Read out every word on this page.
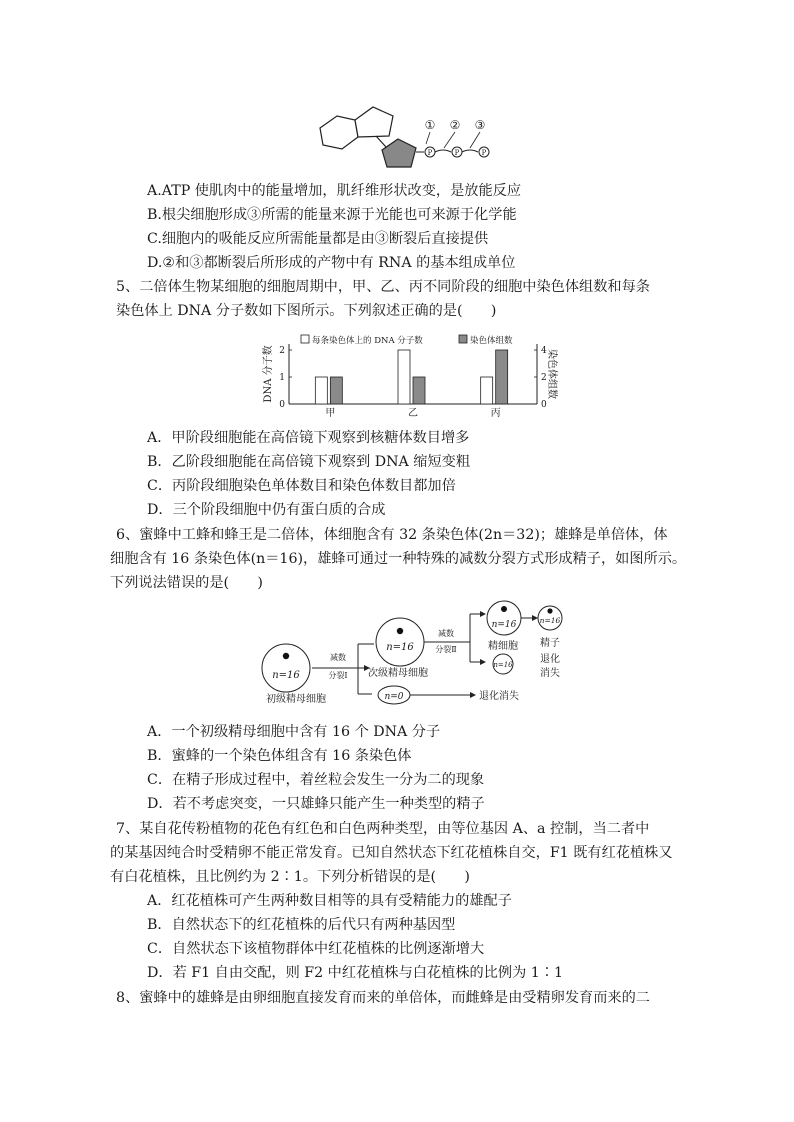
P	P	P
① ② ③
A.ATP 使肌肉中的能量增加，肌纤维形状改变，是放能反应
B.根尖细胞形成③所需的能量来源于光能也可来源于化学能
C.细胞内的吸能反应所需能量都是由③断裂后直接提供
D.②和③都断裂后所形成的产物中有 RNA 的基本组成单位
5、二倍体生物某细胞的细胞周期中，甲、乙、丙不同阶段的细胞中染色体组数和每条
染色体上 DNA 分子数如下图所示。下列叙述正确的是(　　)
每条染色体上的 DNA 分子数	染色体组数
DNA 分子数	染色体组数
0
1
2
0
2
4
甲	乙	丙
A．甲阶段细胞能在高倍镜下观察到核糖体数目增多
B．乙阶段细胞能在高倍镜下观察到 DNA 缩短变粗
C．丙阶段细胞染色单体数目和染色体数目都加倍
D．三个阶段细胞中仍有蛋白质的合成
6、蜜蜂中工蜂和蜂王是二倍体，体细胞含有 32 条染色体(2n＝32)；雄蜂是单倍体，体
细胞含有 16 条染色体(n＝16)，雄蜂可通过一种特殊的减数分裂方式形成精子，如图所示。
下列说法错误的是(　　)
n=16
初级精母细胞
减数
分裂Ⅰ
n=16
次级精母细胞
n=0	退化消失
减数
分裂Ⅱ
n=16
精细胞
n=16
精子
n=16	退化
消失
A．一个初级精母细胞中含有 16 个 DNA 分子
B．蜜蜂的一个染色体组含有 16 条染色体
C．在精子形成过程中，着丝粒会发生一分为二的现象
D．若不考虑突变，一只雄蜂只能产生一种类型的精子
7、某自花传粉植物的花色有红色和白色两种类型，由等位基因 A、a 控制，当二者中
的某基因纯合时受精卵不能正常发育。已知自然状态下红花植株自交，F1 既有红花植株又
有白花植株，且比例约为 2∶1。下列分析错误的是(　　)
A．红花植株可产生两种数目相等的具有受精能力的雄配子
B．自然状态下的红花植株的后代只有两种基因型
C．自然状态下该植物群体中红花植株的比例逐渐增大
D．若 F1 自由交配，则 F2 中红花植株与白花植株的比例为 1∶1
8、蜜蜂中的雄蜂是由卵细胞直接发育而来的单倍体，而雌蜂是由受精卵发育而来的二
